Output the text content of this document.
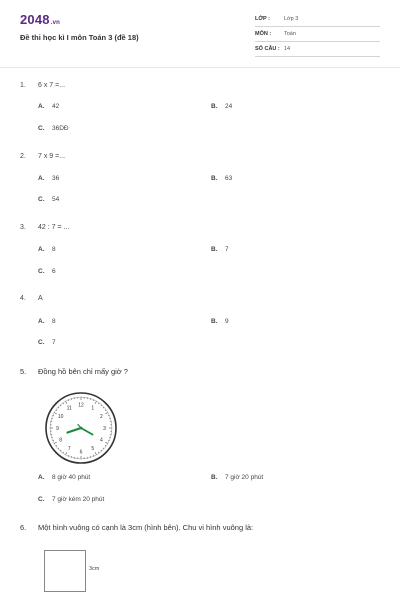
2048.vn
Đề thi học kì I môn Toán 3 (đề 18)
LỚP :	Lớp 3
MÔN : Toán
SỐ CÂU : 14
1. 6 x 7 =...
A. 42	B. 24
C. 36DĐ
2. 7 x 9 =...
A. 36	B. 63
C. 54
3. 42 : 7 = ...
A. 8	B. 7
C. 6
4. A
A. 8	B. 9
C. 7
5. Đồng hồ bên chỉ mấy giờ ?
12
1
2
3
4
5
6
7
8
9
10
11
A. 8 giờ 40 phút	B. 7 giờ 20 phút
C. 7 giờ kém 20 phút
6. Một hình vuông có cạnh là 3cm (hình bên). Chu vi hình vuông là:
3cm
